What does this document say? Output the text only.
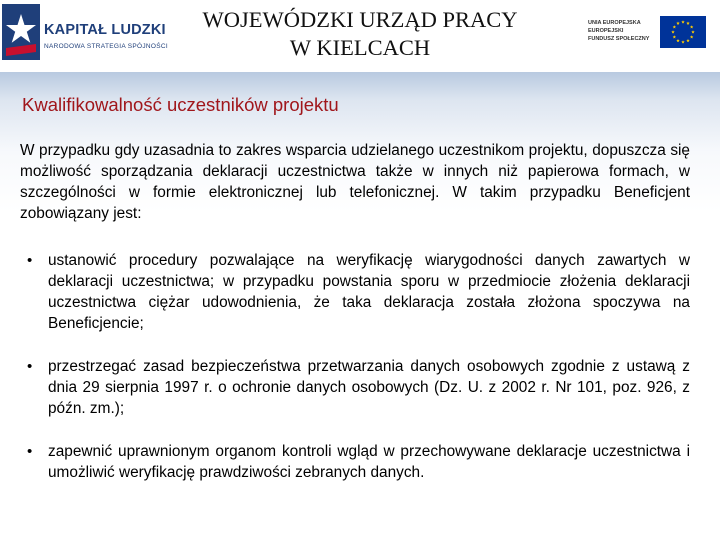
KAPITAŁ LUDZKI
NARODOWA STRATEGIA SPÓJNOŚCI
WOJEWÓDZKI URZĄD PRACY
W KIELCACH
UNIA EUROPEJSKA
EUROPEJSKI
FUNDUSZ SPOŁECZNY
Kwalifikowalność uczestników projektu

W przypadku gdy uzasadnia to zakres wsparcia udzielanego uczestnikom projektu, dopuszcza się możliwość sporządzania deklaracji uczestnictwa także w innych niż papierowa formach, w szczególności w formie elektronicznej lub telefonicznej. W takim przypadku Beneficjent zobowiązany jest:

• ustanowić procedury pozwalające na weryfikację wiarygodności danych zawartych w deklaracji uczestnictwa; w przypadku powstania sporu w przedmiocie złożenia deklaracji uczestnictwa ciężar udowodnienia, że taka deklaracja została złożona spoczywa na Beneficjencie;
• przestrzegać zasad bezpieczeństwa przetwarzania danych osobowych zgodnie z ustawą z dnia 29 sierpnia 1997 r. o ochronie danych osobowych (Dz. U. z 2002 r. Nr 101, poz. 926, z późn. zm.);
• zapewnić uprawnionym organom kontroli wgląd w przechowywane deklaracje uczestnictwa i umożliwić weryfikację prawdziwości zebranych danych.
